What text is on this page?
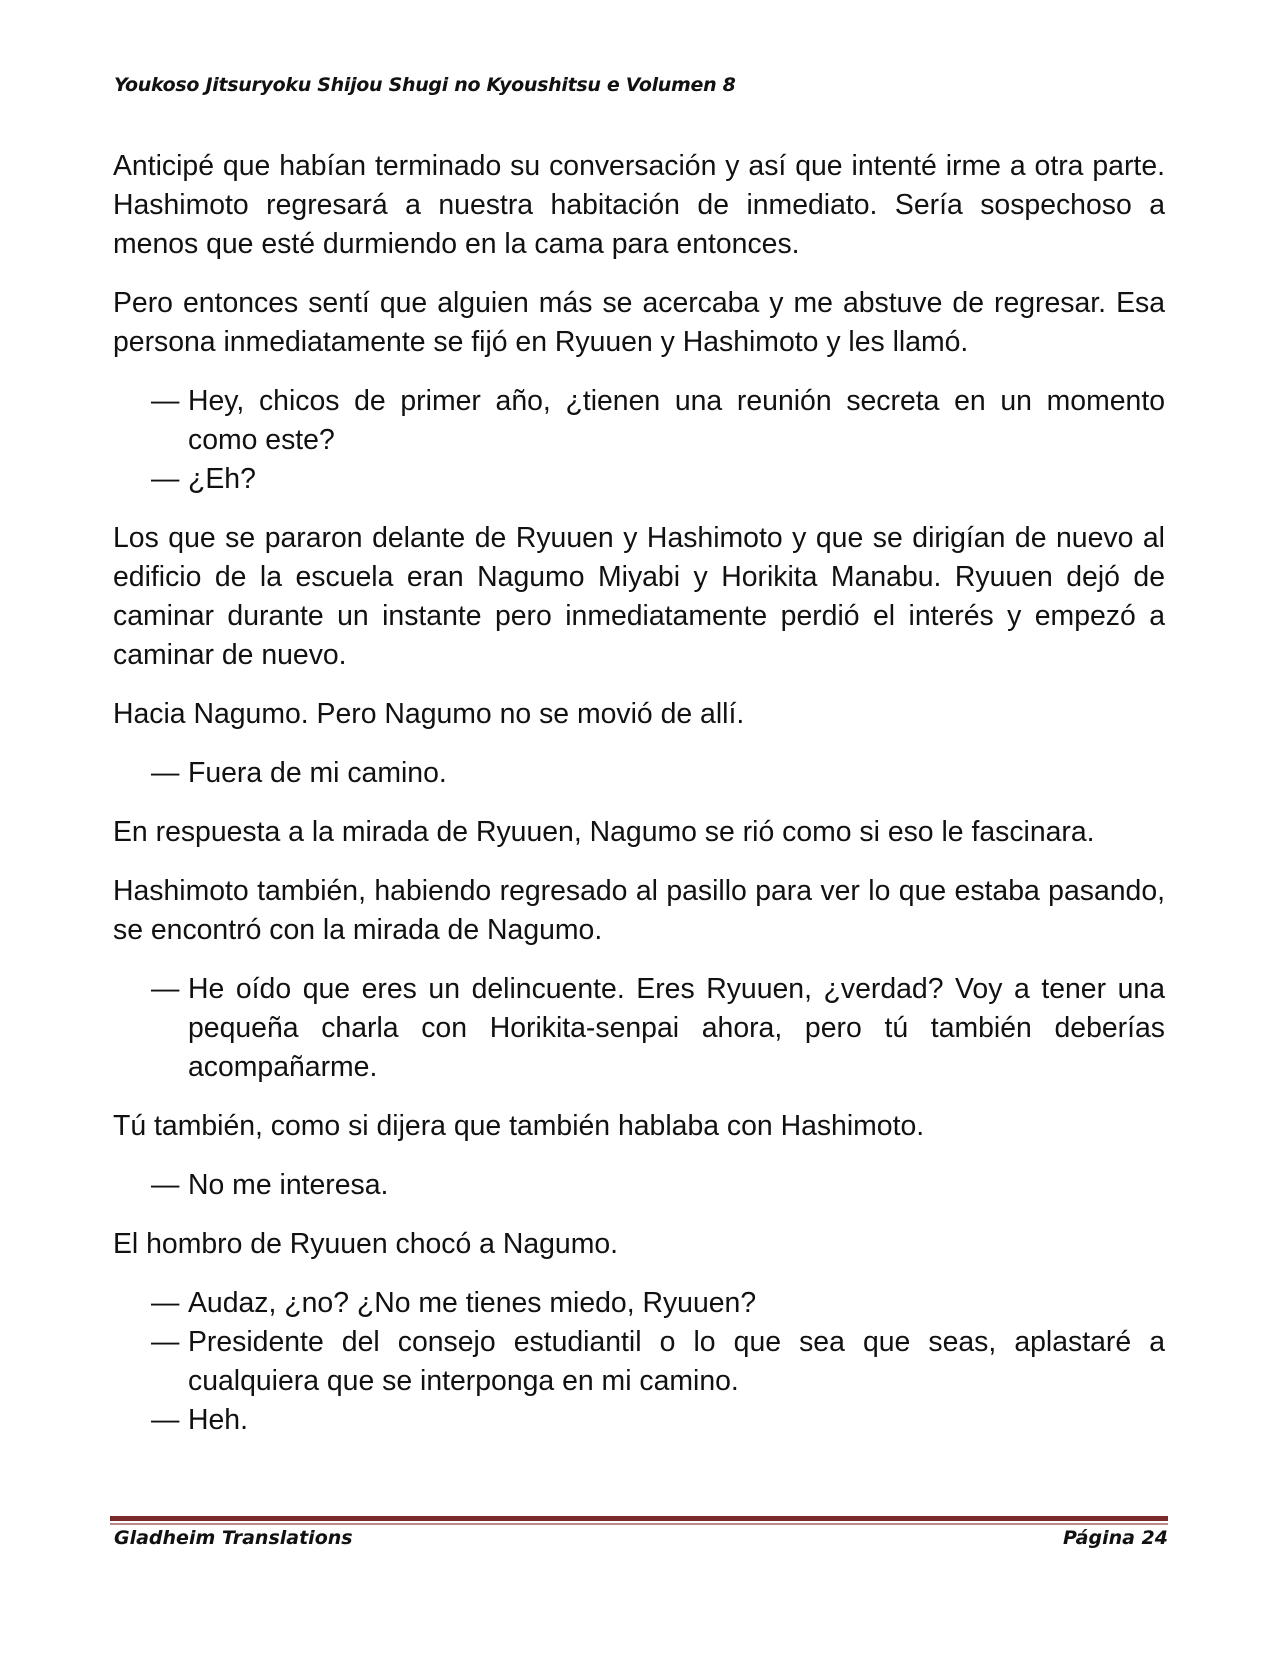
Youkoso Jitsuryoku Shijou Shugi no Kyoushitsu e Volumen 8

Anticipé que habían terminado su conversación y así que intenté irme a otra parte. Hashimoto regresará a nuestra habitación de inmediato. Sería sospechoso a menos que esté durmiendo en la cama para entonces.

Pero entonces sentí que alguien más se acercaba y me abstuve de regresar. Esa persona inmediatamente se fijó en Ryuuen y Hashimoto y les llamó.

— Hey, chicos de primer año, ¿tienen una reunión secreta en un momento como este?
— ¿Eh?

Los que se pararon delante de Ryuuen y Hashimoto y que se dirigían de nuevo al edificio de la escuela eran Nagumo Miyabi y Horikita Manabu. Ryuuen dejó de caminar durante un instante pero inmediatamente perdió el interés y empezó a caminar de nuevo.

Hacia Nagumo. Pero Nagumo no se movió de allí.

— Fuera de mi camino.

En respuesta a la mirada de Ryuuen, Nagumo se rió como si eso le fascinara.

Hashimoto también, habiendo regresado al pasillo para ver lo que estaba pasando, se encontró con la mirada de Nagumo.

— He oído que eres un delincuente. Eres Ryuuen, ¿verdad? Voy a tener una pequeña charla con Horikita-senpai ahora, pero tú también deberías acompañarme.

Tú también, como si dijera que también hablaba con Hashimoto.

— No me interesa.

El hombro de Ryuuen chocó a Nagumo.

— Audaz, ¿no? ¿No me tienes miedo, Ryuuen?
— Presidente del consejo estudiantil o lo que sea que seas, aplastaré a cualquiera que se interponga en mi camino.
— Heh.
Gladheim Translations	Página 24
